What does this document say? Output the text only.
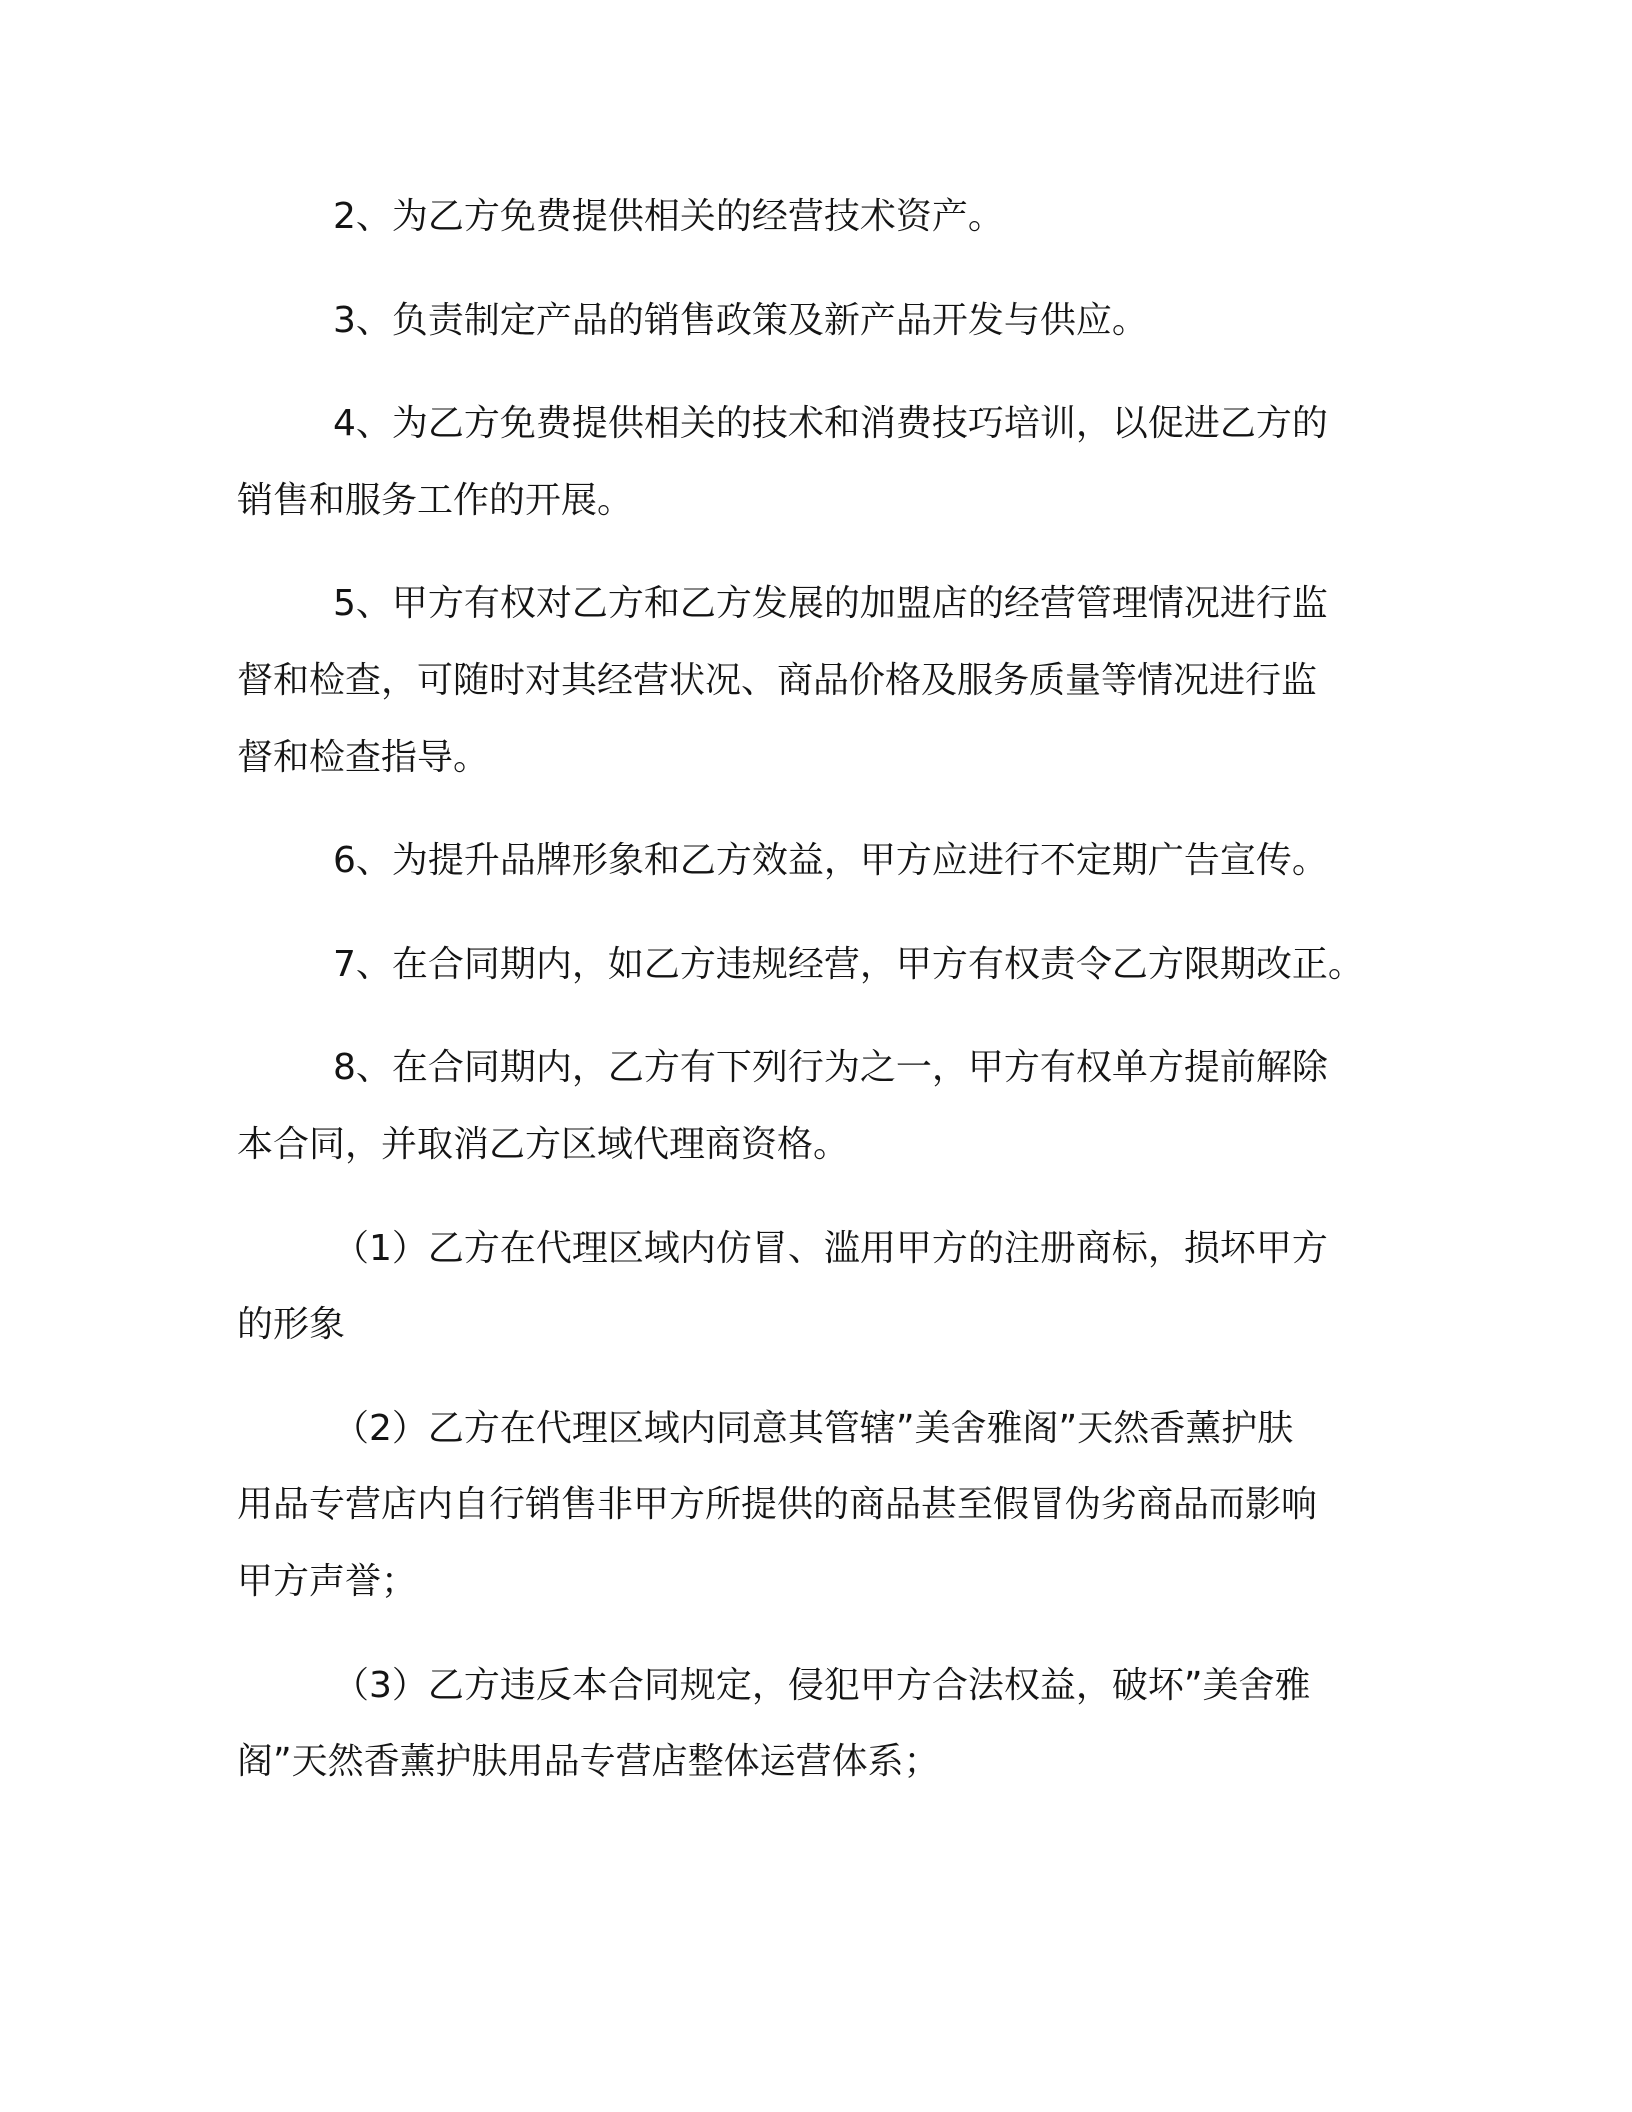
2、为乙方免费提供相关的经营技术资产。
3、负责制定产品的销售政策及新产品开发与供应。
4、为乙方免费提供相关的技术和消费技巧培训，以促进乙方的
销售和服务工作的开展。
5、甲方有权对乙方和乙方发展的加盟店的经营管理情况进行监
督和检查，可随时对其经营状况、商品价格及服务质量等情况进行监
督和检查指导。
6、为提升品牌形象和乙方效益，甲方应进行不定期广告宣传。
7、在合同期内，如乙方违规经营，甲方有权责令乙方限期改正。
8、在合同期内，乙方有下列行为之一，甲方有权单方提前解除
本合同，并取消乙方区域代理商资格。
（1）乙方在代理区域内仿冒、滥用甲方的注册商标，损坏甲方
的形象
（2）乙方在代理区域内同意其管辖”美舍雅阁”天然香薰护肤
用品专营店内自行销售非甲方所提供的商品甚至假冒伪劣商品而影响
甲方声誉；
（3）乙方违反本合同规定，侵犯甲方合法权益，破坏”美舍雅
阁”天然香薰护肤用品专营店整体运营体系；
